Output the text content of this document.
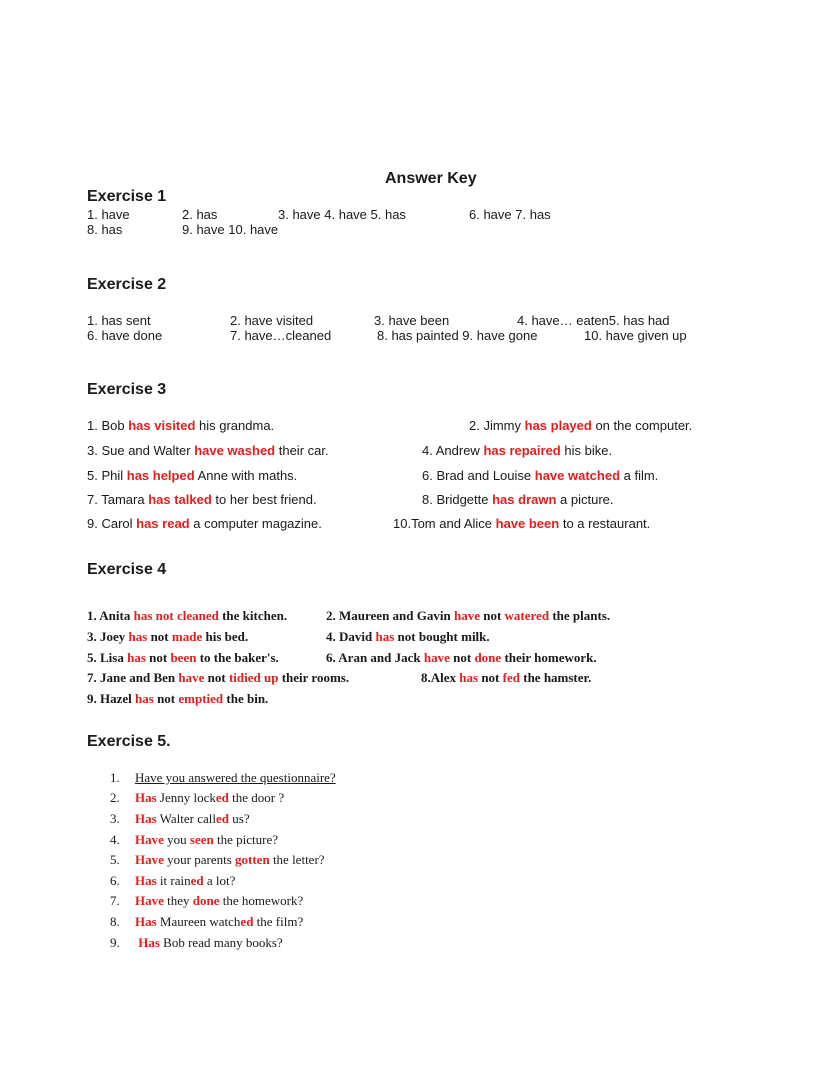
Answer Key
Exercise 1
1. have	2. has	3. have 4. have 5. has	6. have 7. has
8. has	9. have 10. have
Exercise 2
1. has sent	2. have visited	3. have been	4. have… eaten5. has had
6. have done	7. have…cleaned	8. has painted 9. have gone	10. have given up
Exercise 3
1. Bob has visited his grandma.	2. Jimmy has played on the computer.
3. Sue and Walter have washed their car.	4. Andrew has repaired his bike.
5. Phil has helped Anne with maths.	6. Brad and Louise have watched a film.
7. Tamara has talked to her best friend.	8. Bridgette has drawn a picture.
9. Carol has read a computer magazine.	10.Tom and Alice have been to a restaurant.
Exercise 4
1. Anita has not cleaned the kitchen.	2. Maureen and Gavin have not watered the plants.
3. Joey has not made his bed.	4. David has not bought milk.
5. Lisa has not been to the baker's.	6. Aran and Jack have not done their homework.
7. Jane and Ben have not tidied up their rooms.	8.Alex has not fed the hamster.
9. Hazel has not emptied the bin.
Exercise 5.
1. Have you answered the questionnaire?
2. Has Jenny locked the door ?
3. Has Walter called us?
4. Have you seen the picture?
5. Have your parents gotten the letter?
6. Has it rained a lot?
7. Have they done the homework?
8. Has Maureen watched the film?
9. Has Bob read many books?
